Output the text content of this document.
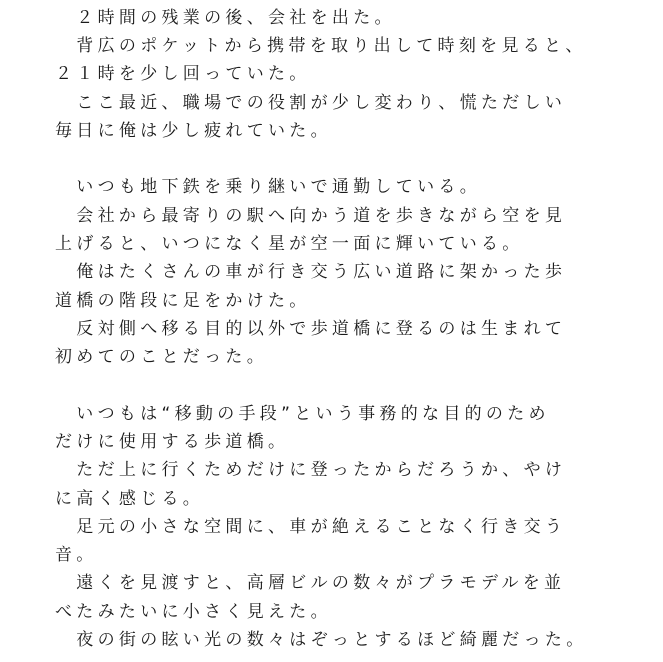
　２時間の残業の後、会社を出た。
　背広のポケットから携帯を取り出して時刻を見ると、
２１時を少し回っていた。
　ここ最近、職場での役割が少し変わり、慌ただしい
毎日に俺は少し疲れていた。
　いつも地下鉄を乗り継いで通勤している。
　会社から最寄りの駅へ向かう道を歩きながら空を見
上げると、いつになく星が空一面に輝いている。
　俺はたくさんの車が行き交う広い道路に架かった歩
道橋の階段に足をかけた。
　反対側へ移る目的以外で歩道橋に登るのは生まれて
初めてのことだった。
　いつもは“移動の手段”という事務的な目的のため
だけに使用する歩道橋。
　ただ上に行くためだけに登ったからだろうか、やけ
に高く感じる。
　足元の小さな空間に、車が絶えることなく行き交う
音。
　遠くを見渡すと、高層ビルの数々がプラモデルを並
べたみたいに小さく見えた。
　夜の街の眩い光の数々はぞっとするほど綺麗だった。
